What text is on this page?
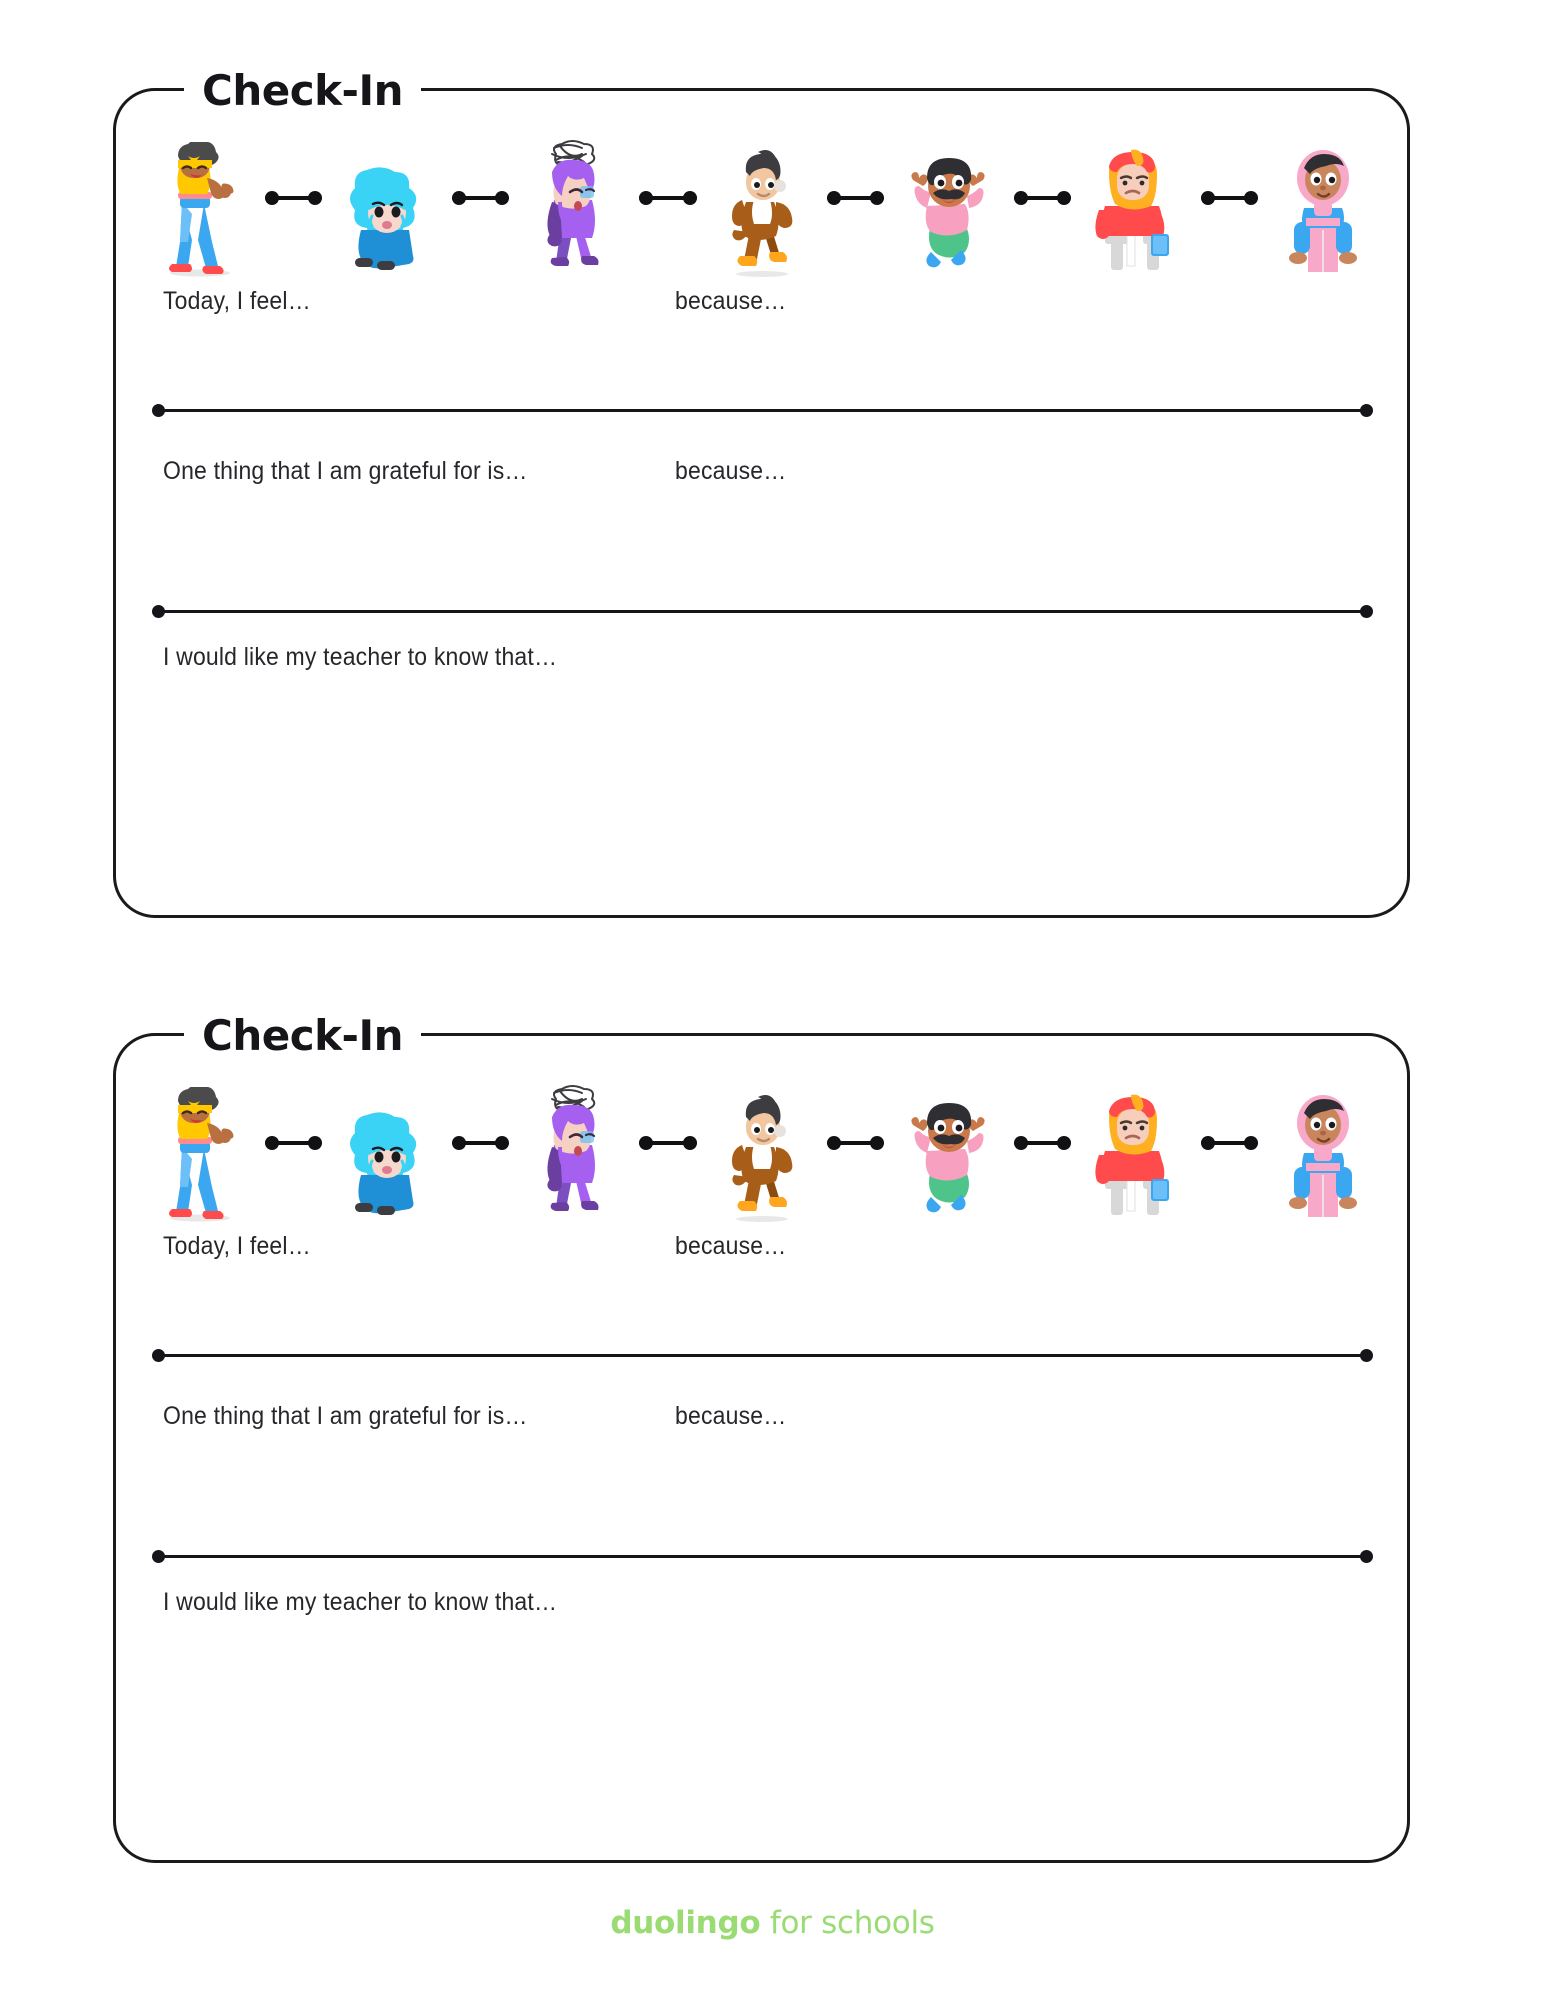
Check-In
Today, I feel…	because…
One thing that I am grateful for is…	because…
I would like my teacher to know that…
Check-In
Today, I feel…	because…
One thing that I am grateful for is…	because…
I would like my teacher to know that…
duolingo for schools
